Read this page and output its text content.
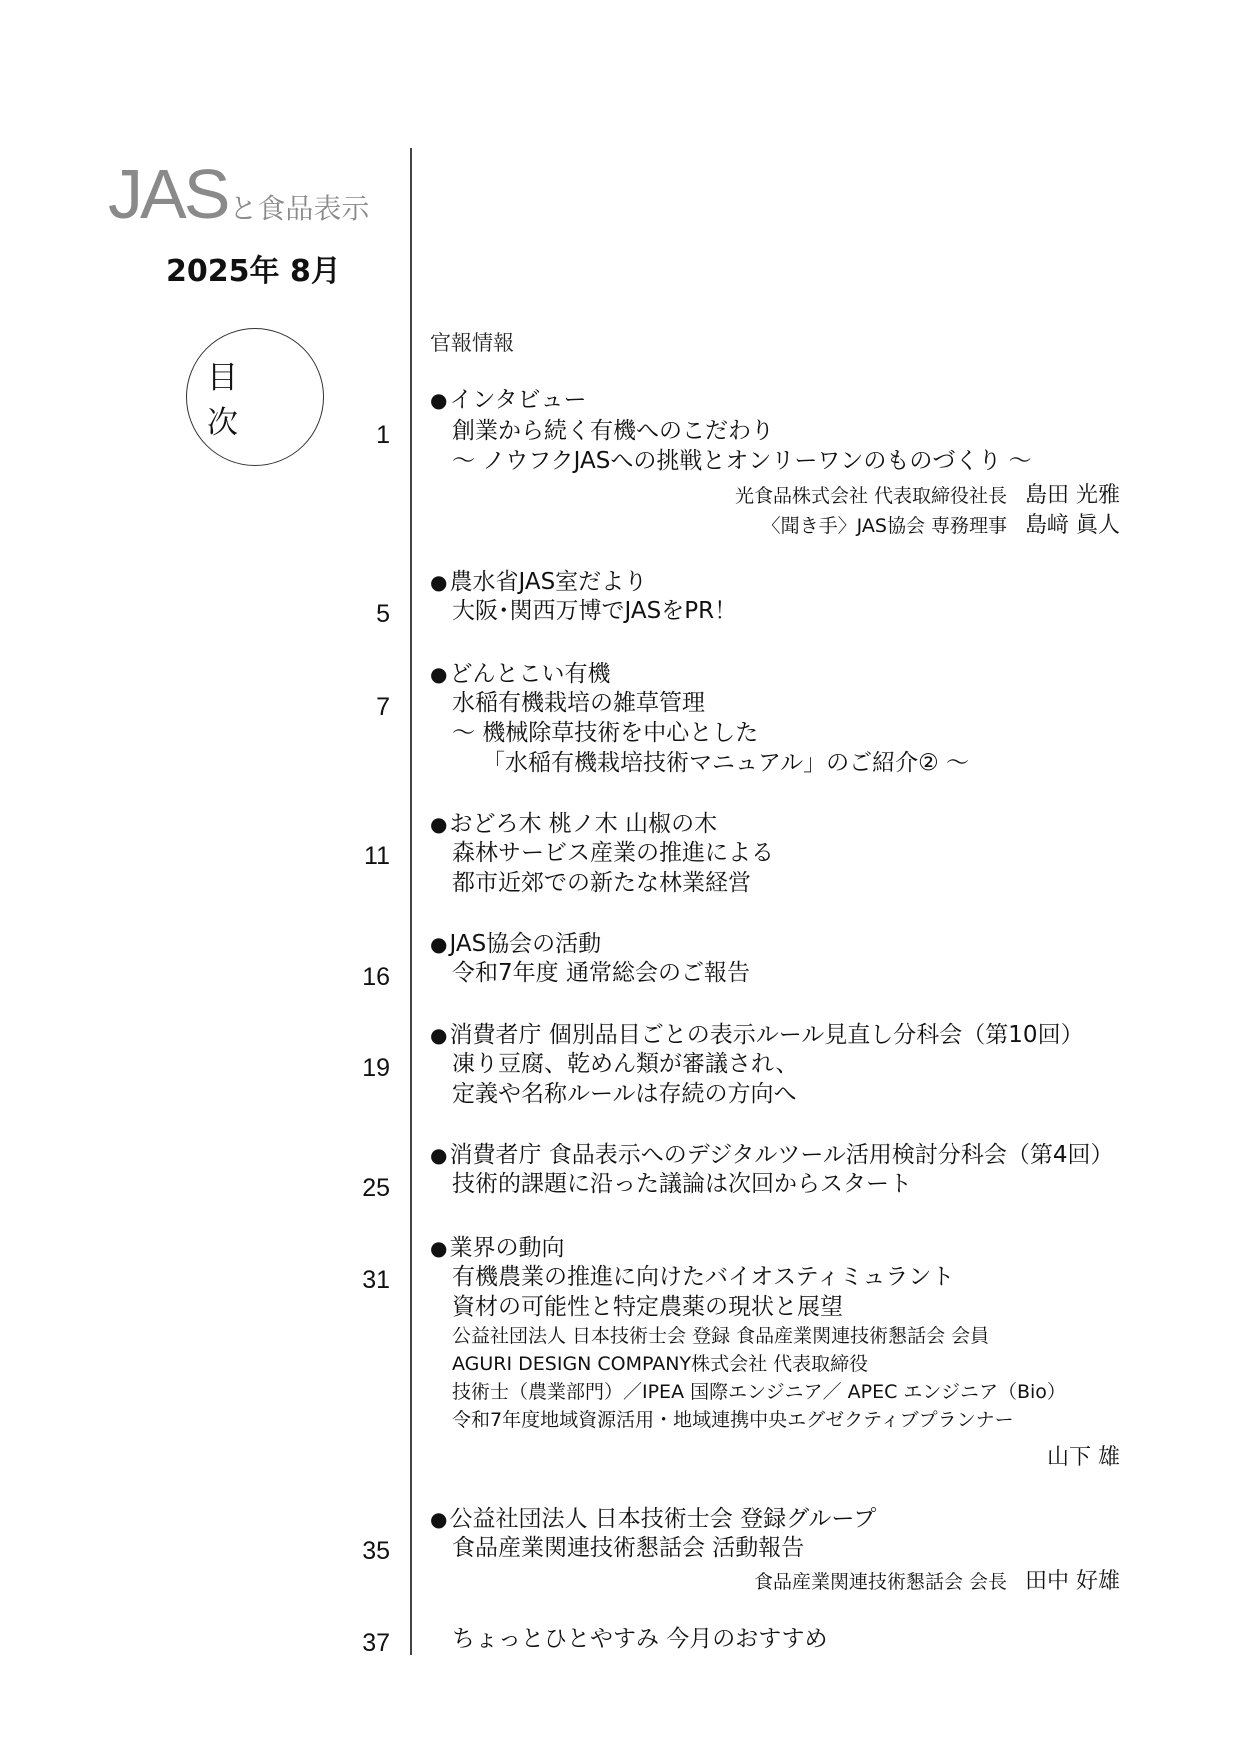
JASと食品表示
2025年 8月
目 次
官報情報
●インタビュー
1	創業から続く有機へのこだわり
～ ノウフクJASへの挑戦とオンリーワンのものづくり ～
光食品株式会社 代表取締役社長 島田 光雅
〈聞き手〉JAS協会 専務理事 島﨑 眞人
●農水省JAS室だより
5	大阪･関西万博でJASをPR！
●どんとこい有機
7	水稲有機栽培の雑草管理
～ 機械除草技術を中心とした
「水稲有機栽培技術マニュアル」のご紹介② ～
●おどろ木 桃ノ木 山椒の木
11	森林サービス産業の推進による
都市近郊での新たな林業経営
●JAS協会の活動
16	令和7年度 通常総会のご報告
●消費者庁 個別品目ごとの表示ルール見直し分科会（第10回）
19	凍り豆腐、乾めん類が審議され、
定義や名称ルールは存続の方向へ
●消費者庁 食品表示へのデジタルツール活用検討分科会（第4回）
25	技術的課題に沿った議論は次回からスタート
●業界の動向
31	有機農業の推進に向けたバイオスティミュラント
資材の可能性と特定農薬の現状と展望
公益社団法人 日本技術士会 登録 食品産業関連技術懇話会 会員
AGURI DESIGN COMPANY株式会社 代表取締役
技術士（農業部門）／IPEA 国際エンジニア／ APEC エンジニア（Bio）
令和7年度地域資源活用・地域連携中央エグゼクティブプランナー
山下 雄
●公益社団法人 日本技術士会 登録グループ
35	食品産業関連技術懇話会 活動報告
食品産業関連技術懇話会 会長 田中 好雄
37	ちょっとひとやすみ 今月のおすすめ
